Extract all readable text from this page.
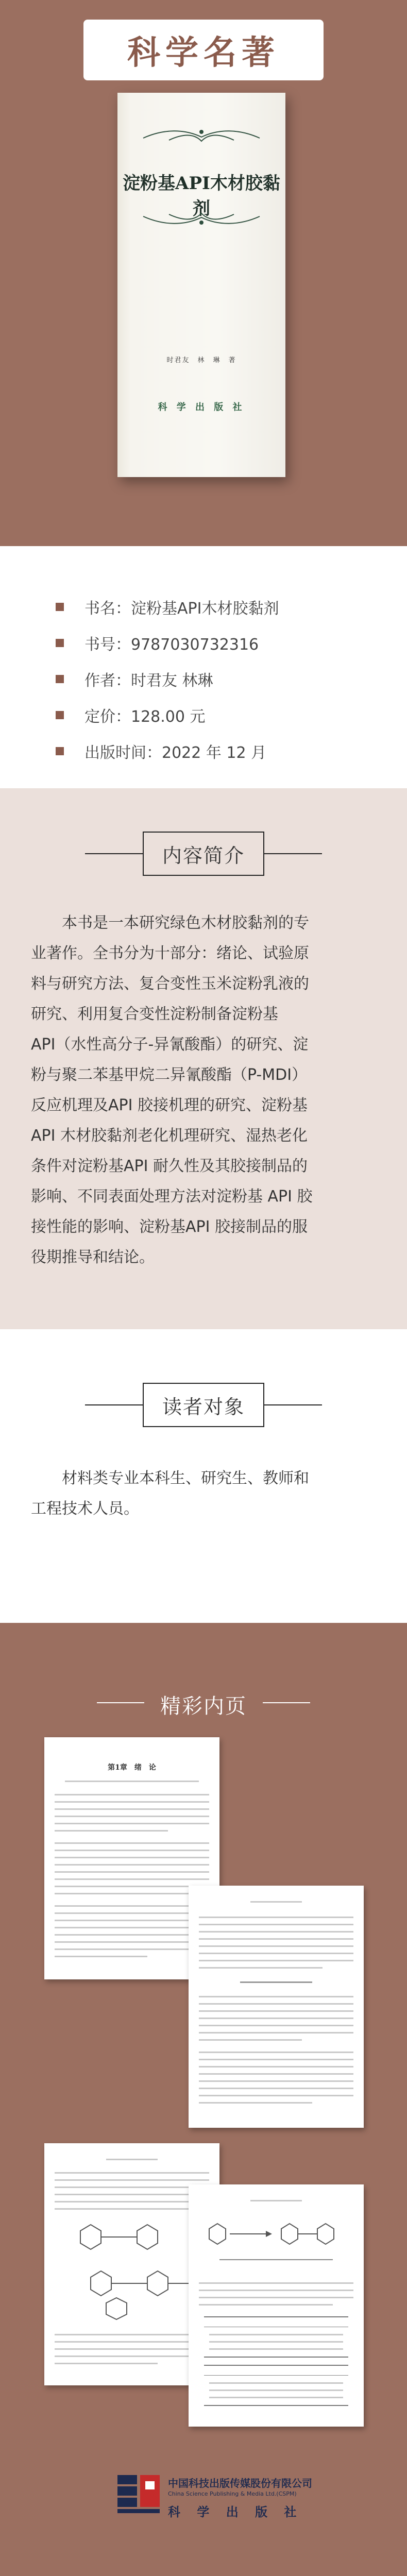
科学名著
淀粉基API木材胶黏剂
时君友　林　琳　著
科 学 出 版 社
书名：淀粉基API木材胶黏剂
书号：9787030732316
作者：时君友 林琳
定价：128.00 元
出版时间：2022 年 12 月
内容简介
　　本书是一本研究绿色木材胶黏剂的专
业著作。全书分为十部分：绪论、试验原
料与研究方法、复合变性玉米淀粉乳液的
研究、利用复合变性淀粉制备淀粉基
API（水性高分子-异氰酸酯）的研究、淀
粉与聚二苯基甲烷二异氰酸酯（P-MDI）
反应机理及API 胶接机理的研究、淀粉基
API 木材胶黏剂老化机理研究、湿热老化
条件对淀粉基API 耐久性及其胶接制品的
影响、不同表面处理方法对淀粉基 API 胶
接性能的影响、淀粉基API 胶接制品的服
役期推导和结论。
读者对象
　　材料类专业本科生、研究生、教师和
工程技术人员。
精彩内页
第1章　绪　论
中国科技出版传媒股份有限公司
China Science Publishing & Media Ltd.(CSPM)
科 学 出 版 社
